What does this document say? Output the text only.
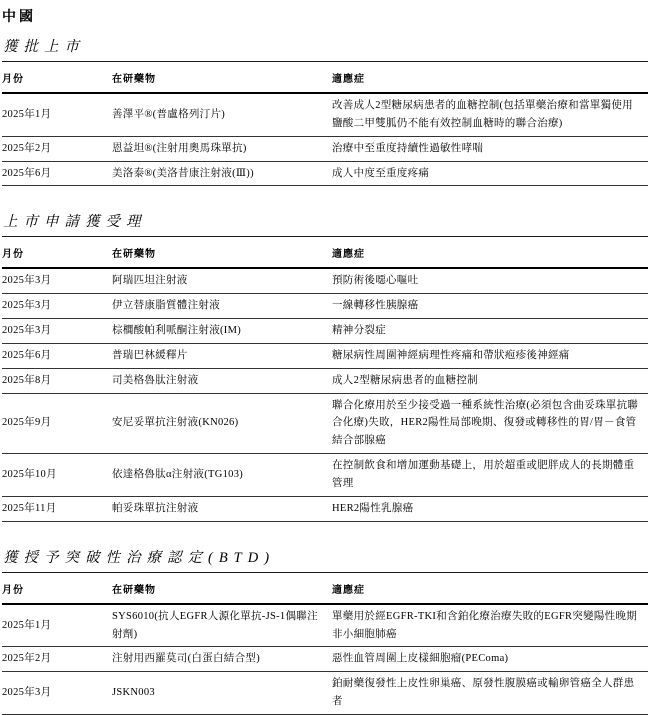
中國
獲批上市
月份	在研藥物	適應症
2025年1月	善澤平®(普盧格列汀片)	改善成人2型糖尿病患者的血糖控制(包括單藥治療和當單獨使用鹽酸二甲雙胍仍不能有效控制血糖時的聯合治療)
2025年2月	恩益坦®(注射用奧馬珠單抗)	治療中至重度持續性過敏性哮喘
2025年6月	美洛泰®(美洛昔康注射液(Ⅲ))	成人中度至重度疼痛
上市申請獲受理
月份	在研藥物	適應症
2025年3月	阿瑞匹坦注射液	預防術後噁心嘔吐
2025年3月	伊立替康脂質體注射液	一線轉移性胰腺癌
2025年3月	棕櫚酸帕利哌酮注射液(IM)	精神分裂症
2025年6月	普瑞巴林緩釋片	糖尿病性周圍神經病理性疼痛和帶狀疱疹後神經痛
2025年8月	司美格魯肽注射液	成人2型糖尿病患者的血糖控制
2025年9月	安尼妥單抗注射液(KN026)	聯合化療用於至少接受過一種系統性治療(必須包含曲妥珠單抗聯合化療)失敗，HER2陽性局部晚期、復發或轉移性的胃/胃－食管結合部腺癌
2025年10月	依達格魯肽α注射液(TG103)	在控制飲食和增加運動基礎上，用於超重或肥胖成人的長期體重管理
2025年11月	帕妥珠單抗注射液	HER2陽性乳腺癌
獲授予突破性治療認定(BTD)
月份	在研藥物	適應症
2025年1月	SYS6010(抗人EGFR人源化單抗-JS-1偶聯注射劑)	單藥用於經EGFR-TKI和含鉑化療治療失敗的EGFR突變陽性晚期非小細胞肺癌
2025年2月	注射用西羅莫司(白蛋白結合型)	惡性血管周圍上皮樣細胞瘤(PEComa)
2025年3月	JSKN003	鉑耐藥復發性上皮性卵巢癌、原發性腹膜癌或輸卵管癌全人群患者
